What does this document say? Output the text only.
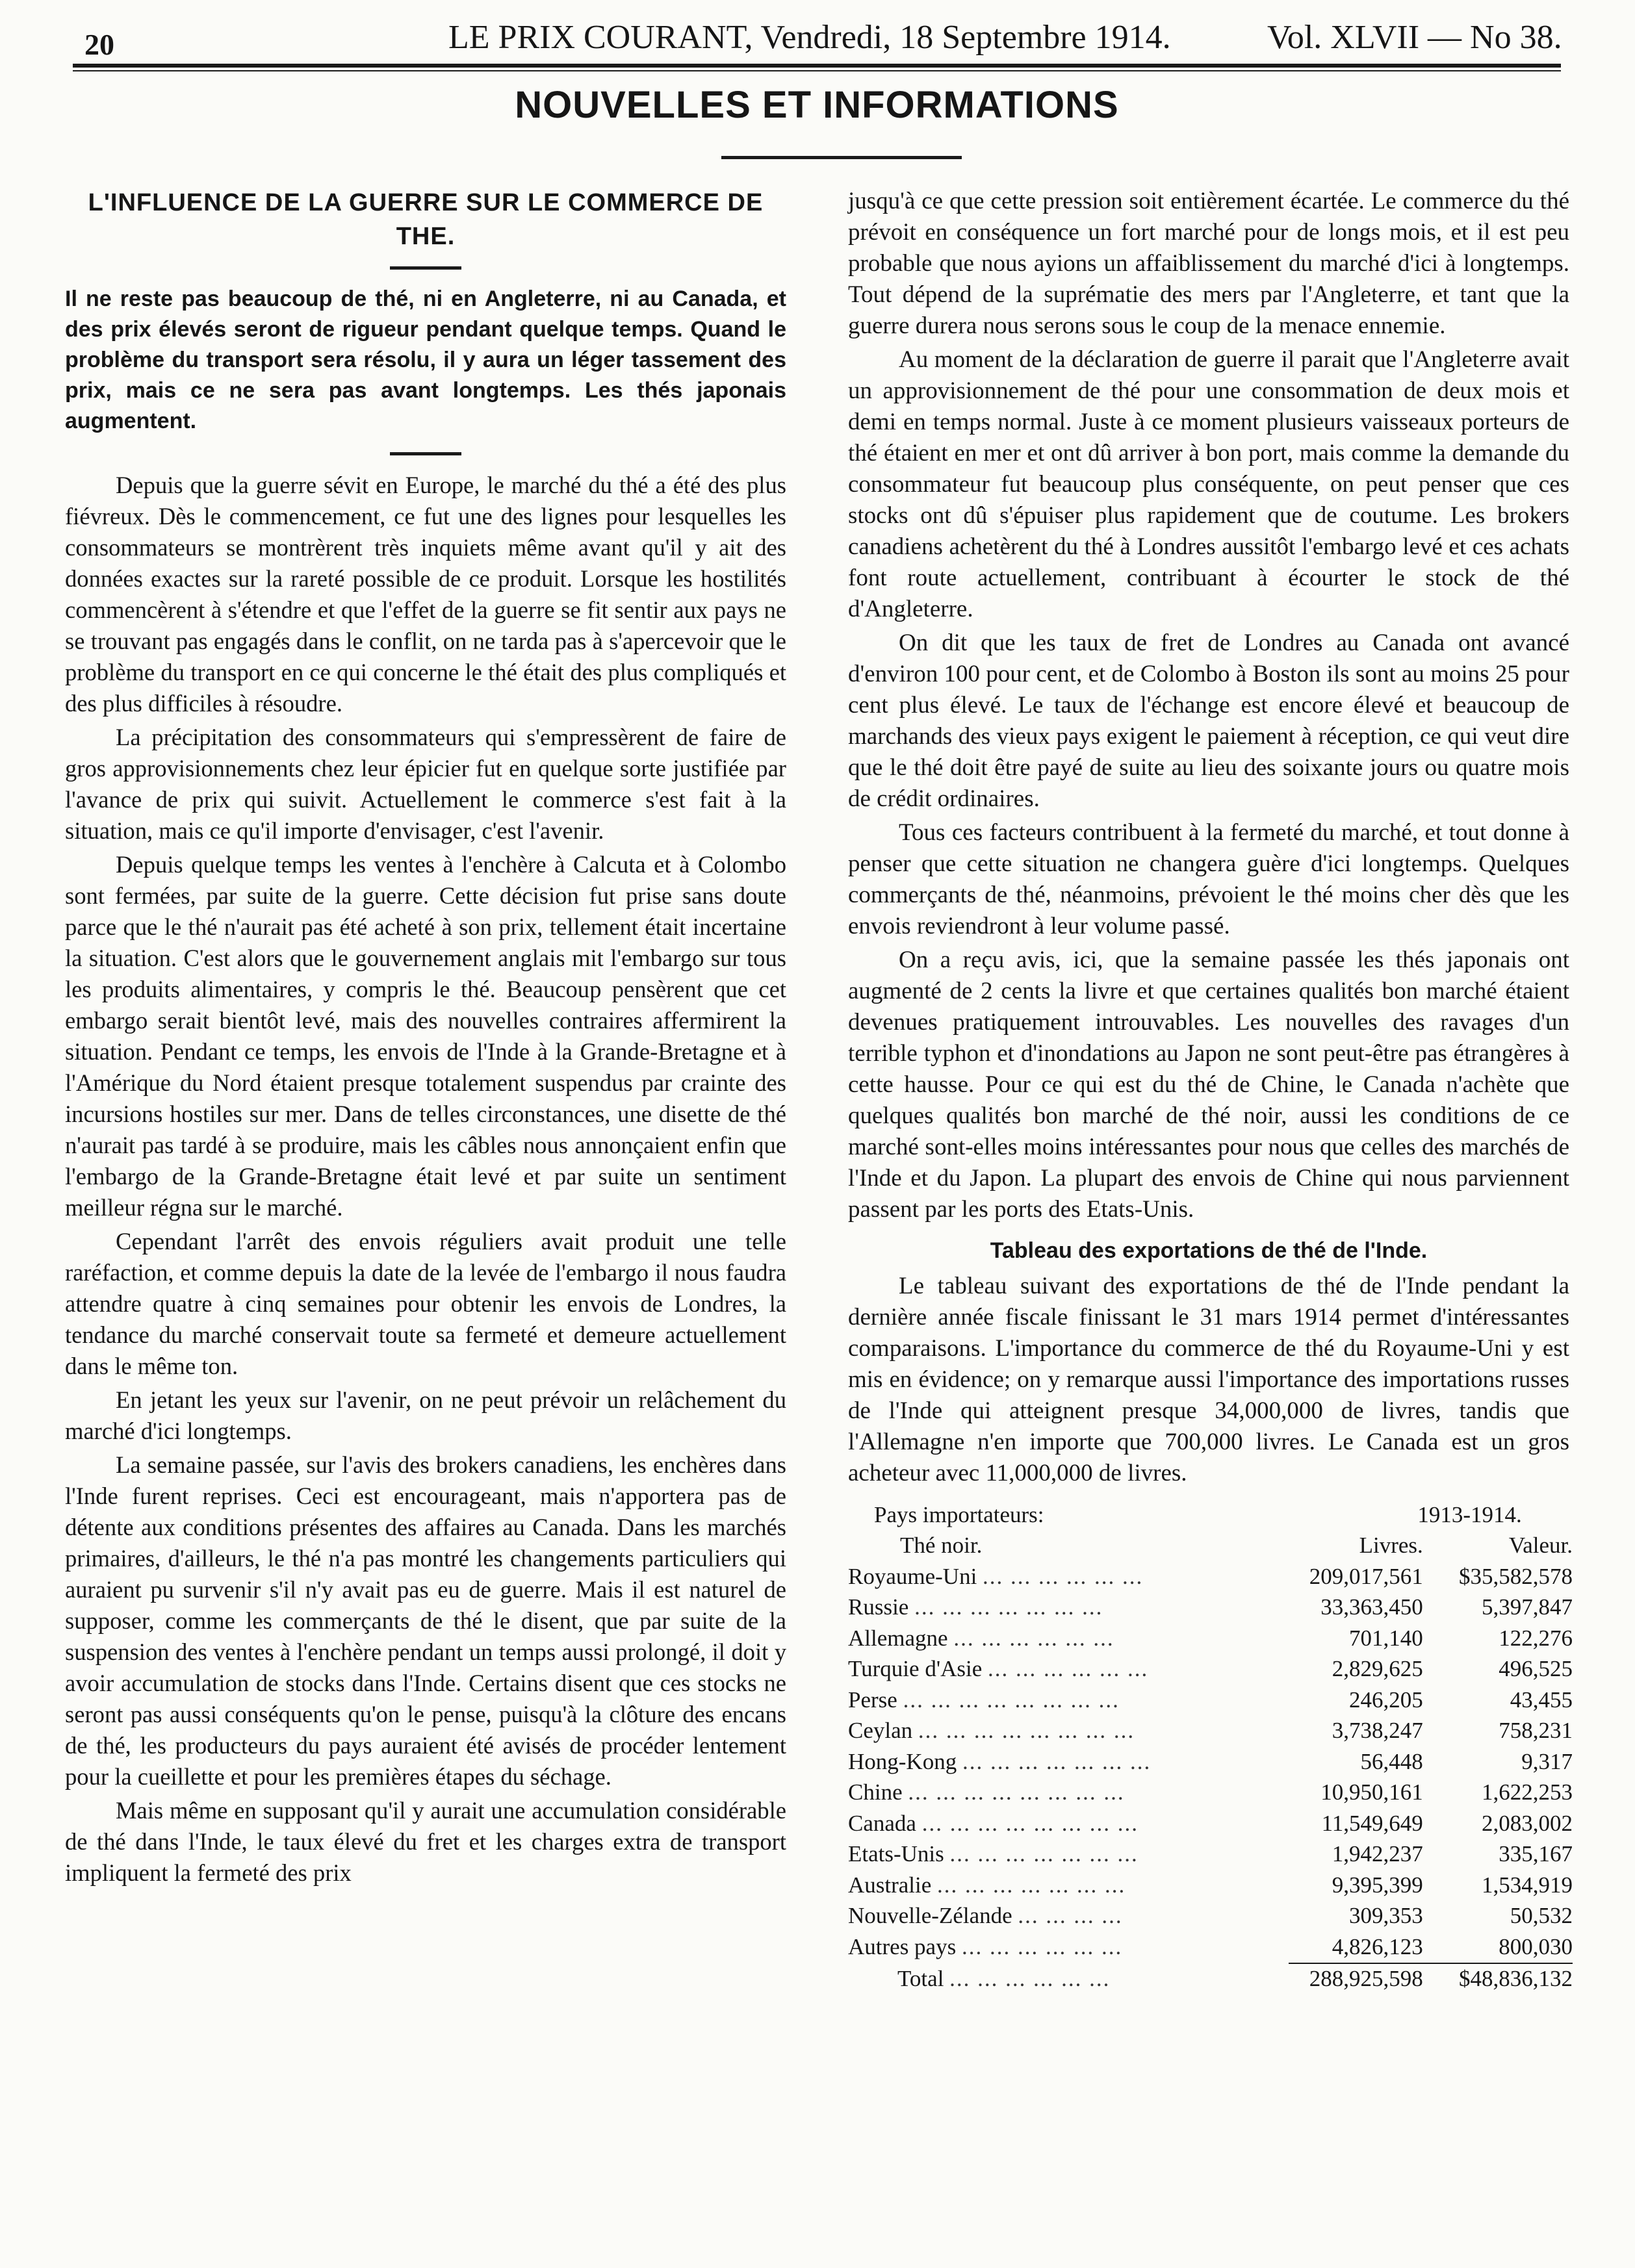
20	LE PRIX COURANT, Vendredi, 18 Septembre 1914.	Vol. XLVII — No 38.
NOUVELLES ET INFORMATIONS
L'INFLUENCE DE LA GUERRE SUR LE COMMERCE DE THE.
Il ne reste pas beaucoup de thé, ni en Angleterre, ni au Canada, et des prix élevés seront de rigueur pendant quelque temps. Quand le problème du transport sera résolu, il y aura un léger tassement des prix, mais ce ne sera pas avant longtemps. Les thés japonais augmentent.

Depuis que la guerre sévit en Europe, le marché du thé a été des plus fiévreux. Dès le commencement, ce fut une des lignes pour lesquelles les consommateurs se montrèrent très inquiets même avant qu'il y ait des données exactes sur la rareté possible de ce produit. Lorsque les hostilités commencèrent à s'étendre et que l'effet de la guerre se fit sentir aux pays ne se trouvant pas engagés dans le conflit, on ne tarda pas à s'apercevoir que le problème du transport en ce qui concerne le thé était des plus compliqués et des plus difficiles à résoudre.

La précipitation des consommateurs qui s'empressèrent de faire de gros approvisionnements chez leur épicier fut en quelque sorte justifiée par l'avance de prix qui suivit. Actuellement le commerce s'est fait à la situation, mais ce qu'il importe d'envisager, c'est l'avenir.

Depuis quelque temps les ventes à l'enchère à Calcuta et à Colombo sont fermées, par suite de la guerre. Cette décision fut prise sans doute parce que le thé n'aurait pas été acheté à son prix, tellement était incertaine la situation. C'est alors que le gouvernement anglais mit l'embargo sur tous les produits alimentaires, y compris le thé. Beaucoup pensèrent que cet embargo serait bientôt levé, mais des nouvelles contraires affermirent la situation. Pendant ce temps, les envois de l'Inde à la Grande-Bretagne et à l'Amérique du Nord étaient presque totalement suspendus par crainte des incursions hostiles sur mer. Dans de telles circonstances, une disette de thé n'aurait pas tardé à se produire, mais les câbles nous annonçaient enfin que l'embargo de la Grande-Bretagne était levé et par suite un sentiment meilleur régna sur le marché.

Cependant l'arrêt des envois réguliers avait produit une telle raréfaction, et comme depuis la date de la levée de l'embargo il nous faudra attendre quatre à cinq semaines pour obtenir les envois de Londres, la tendance du marché conservait toute sa fermeté et demeure actuellement dans le même ton.

En jetant les yeux sur l'avenir, on ne peut prévoir un relâchement du marché d'ici longtemps.

La semaine passée, sur l'avis des brokers canadiens, les enchères dans l'Inde furent reprises. Ceci est encourageant, mais n'apportera pas de détente aux conditions présentes des affaires au Canada. Dans les marchés primaires, d'ailleurs, le thé n'a pas montré les changements particuliers qui auraient pu survenir s'il n'y avait pas eu de guerre. Mais il est naturel de supposer, comme les commerçants de thé le disent, que par suite de la suspension des ventes à l'enchère pendant un temps aussi prolongé, il doit y avoir accumulation de stocks dans l'Inde. Certains disent que ces stocks ne seront pas aussi conséquents qu'on le pense, puisqu'à la clôture des encans de thé, les producteurs du pays auraient été avisés de procéder lentement pour la cueillette et pour les premières étapes du séchage.

Mais même en supposant qu'il y aurait une accumulation considérable de thé dans l'Inde, le taux élevé du fret et les charges extra de transport impliquent la fermeté des prix

jusqu'à ce que cette pression soit entièrement écartée. Le commerce du thé prévoit en conséquence un fort marché pour de longs mois, et il est peu probable que nous ayions un affaiblissement du marché d'ici à longtemps. Tout dépend de la suprématie des mers par l'Angleterre, et tant que la guerre durera nous serons sous le coup de la menace ennemie.

Au moment de la déclaration de guerre il parait que l'Angleterre avait un approvisionnement de thé pour une consommation de deux mois et demi en temps normal. Juste à ce moment plusieurs vaisseaux porteurs de thé étaient en mer et ont dû arriver à bon port, mais comme la demande du consommateur fut beaucoup plus conséquente, on peut penser que ces stocks ont dû s'épuiser plus rapidement que de coutume. Les brokers canadiens achetèrent du thé à Londres aussitôt l'embargo levé et ces achats font route actuellement, contribuant à écourter le stock de thé d'Angleterre.

On dit que les taux de fret de Londres au Canada ont avancé d'environ 100 pour cent, et de Colombo à Boston ils sont au moins 25 pour cent plus élevé. Le taux de l'échange est encore élevé et beaucoup de marchands des vieux pays exigent le paiement à réception, ce qui veut dire que le thé doit être payé de suite au lieu des soixante jours ou quatre mois de crédit ordinaires.

Tous ces facteurs contribuent à la fermeté du marché, et tout donne à penser que cette situation ne changera guère d'ici longtemps. Quelques commerçants de thé, néanmoins, prévoient le thé moins cher dès que les envois reviendront à leur volume passé.

On a reçu avis, ici, que la semaine passée les thés japonais ont augmenté de 2 cents la livre et que certaines qualités bon marché étaient devenues pratiquement introuvables. Les nouvelles des ravages d'un terrible typhon et d'inondations au Japon ne sont peut-être pas étrangères à cette hausse. Pour ce qui est du thé de Chine, le Canada n'achète que quelques qualités bon marché de thé noir, aussi les conditions de ce marché sont-elles moins intéressantes pour nous que celles des marchés de l'Inde et du Japon. La plupart des envois de Chine qui nous parviennent passent par les ports des Etats-Unis.

Tableau des exportations de thé de l'Inde.

Le tableau suivant des exportations de thé de l'Inde pendant la dernière année fiscale finissant le 31 mars 1914 permet d'intéressantes comparaisons. L'importance du commerce de thé du Royaume-Uni y est mis en évidence; on y remarque aussi l'importance des importations russes de l'Inde qui atteignent presque 34,000,000 de livres, tandis que l'Allemagne n'en importe que 700,000 livres. Le Canada est un gros acheteur avec 11,000,000 de livres.

Pays importateurs:	1913-1914.	
Thé noir.	Livres.	Valeur.
Royaume-Uni ... ... ... ... ... ...	209,017,561	$35,582,578
Russie ... ... ... ... ... ... ...	33,363,450	5,397,847
Allemagne ... ... ... ... ... ...	701,140	122,276
Turquie d'Asie ... ... ... ... ... ...	2,829,625	496,525
Perse ... ... ... ... ... ... ... ...	246,205	43,455
Ceylan ... ... ... ... ... ... ... ...	3,738,247	758,231
Hong-Kong ... ... ... ... ... ... ...	56,448	9,317
Chine ... ... ... ... ... ... ... ...	10,950,161	1,622,253
Canada ... ... ... ... ... ... ... ...	11,549,649	2,083,002
Etats-Unis ... ... ... ... ... ... ...	1,942,237	335,167
Australie ... ... ... ... ... ... ...	9,395,399	1,534,919
Nouvelle-Zélande ... ... ... ...	309,353	50,532
Autres pays ... ... ... ... ... ...	4,826,123	800,030
Total ... ... ... ... ... ...	288,925,598	$48,836,132
